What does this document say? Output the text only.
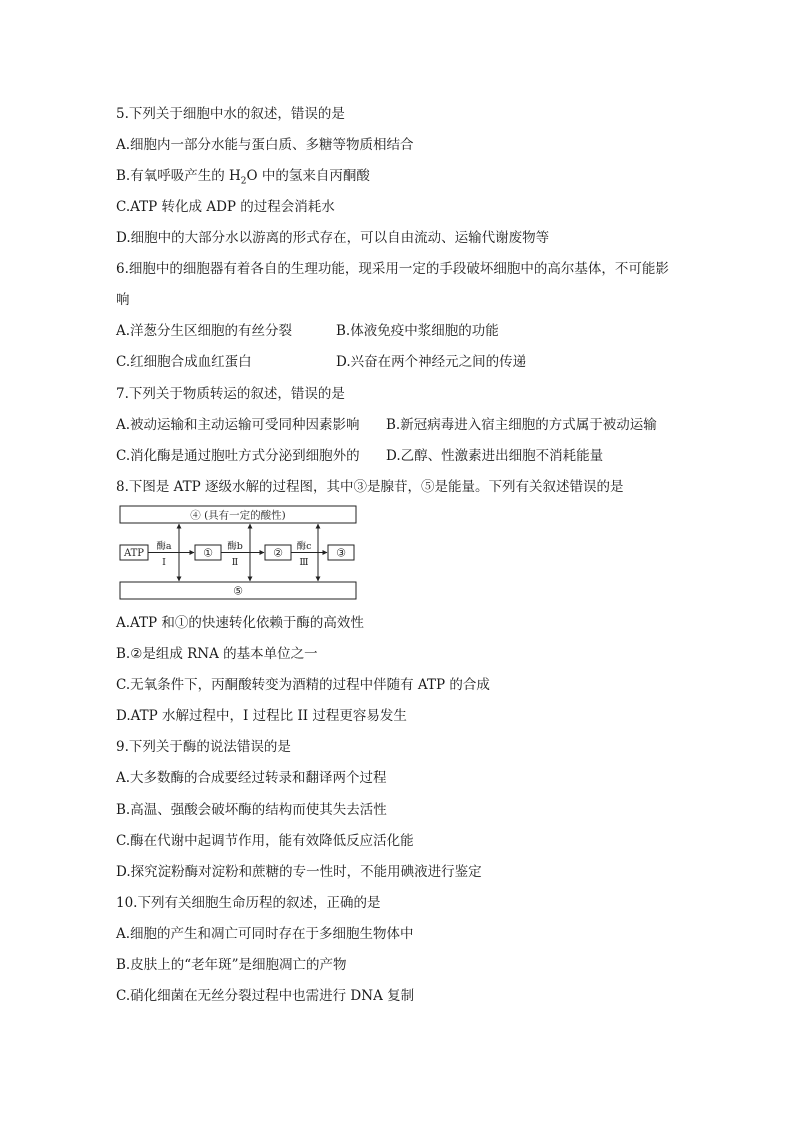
5.下列关于细胞中水的叙述，错误的是
A.细胞内一部分水能与蛋白质、多糖等物质相结合
B.有氧呼吸产生的 $H_2O$ 中的氢来自丙酮酸
C.ATP 转化成 ADP 的过程会消耗水
D.细胞中的大部分水以游离的形式存在，可以自由流动、运输代谢废物等
6.细胞中的细胞器有着各自的生理功能，现采用一定的手段破坏细胞中的高尔基体，不可能影
响
A.洋葱分生区细胞的有丝分裂	B.体液免疫中浆细胞的功能
C.红细胞合成血红蛋白	D.兴奋在两个神经元之间的传递
7.下列关于物质转运的叙述，错误的是
A.被动运输和主动运输可受同种因素影响 B.新冠病毒进入宿主细胞的方式属于被动运输
C.消化酶是通过胞吐方式分泌到细胞外的 D.乙醇、性激素进出细胞不消耗能量
8.下图是 ATP 逐级水解的过程图，其中③是腺苷，⑤是能量。下列有关叙述错误的是
④ (具有一定的酸性)
⑤
ATP	①	②	③
酶a	酶b	酶c
Ⅰ	Ⅱ	Ⅲ
A.ATP 和①的快速转化依赖于酶的高效性
B.②是组成 RNA 的基本单位之一
C.无氧条件下，丙酮酸转变为酒精的过程中伴随有 ATP 的合成
D.ATP 水解过程中，I 过程比 II 过程更容易发生
9.下列关于酶的说法错误的是
A.大多数酶的合成要经过转录和翻译两个过程
B.高温、强酸会破坏酶的结构而使其失去活性
C.酶在代谢中起调节作用，能有效降低反应活化能
D.探究淀粉酶对淀粉和蔗糖的专一性时，不能用碘液进行鉴定
10.下列有关细胞生命历程的叙述，正确的是
A.细胞的产生和凋亡可同时存在于多细胞生物体中
B.皮肤上的“老年斑”是细胞凋亡的产物
C.硝化细菌在无丝分裂过程中也需进行 DNA 复制
